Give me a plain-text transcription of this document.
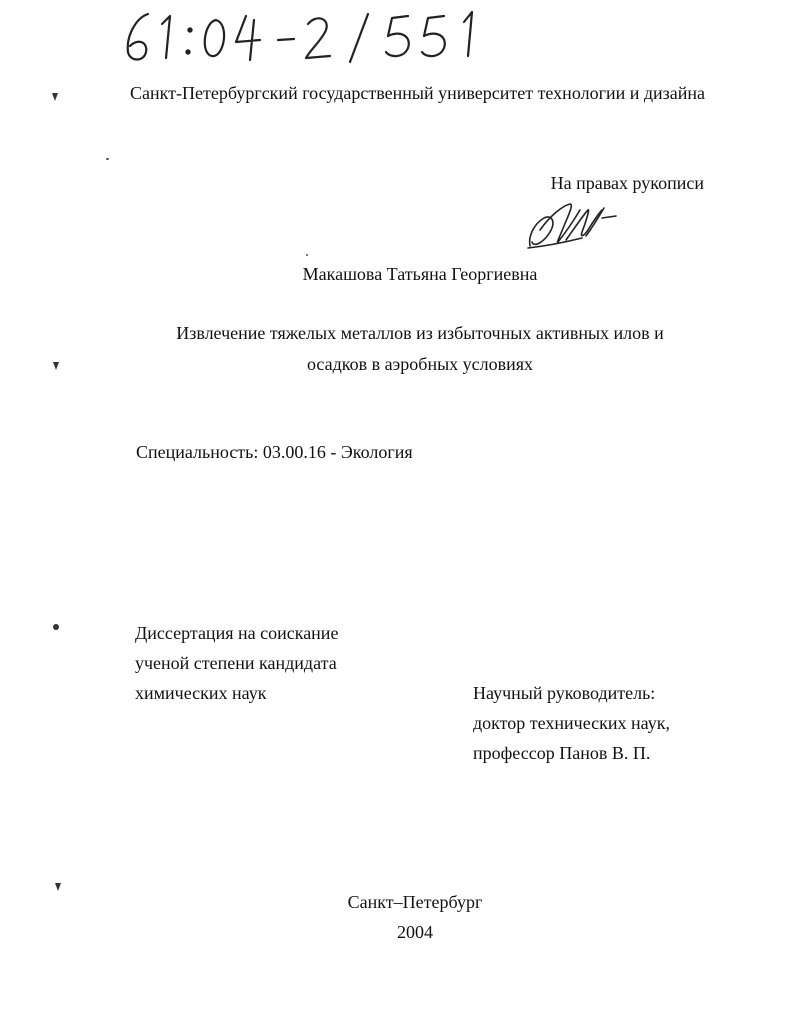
Санкт-Петербургский государственный университет технологии и дизайна
На правах рукописи
Макашова Татьяна Георгиевна
Извлечение тяжелых металлов из избыточных активных илов и
осадков в аэробных условиях
Специальность: 03.00.16 - Экология
Диссертация на соискание
ученой степени кандидата
химических наук	Научный руководитель:
доктор технических наук,
профессор Панов В. П.
Санкт–Петербург
2004
